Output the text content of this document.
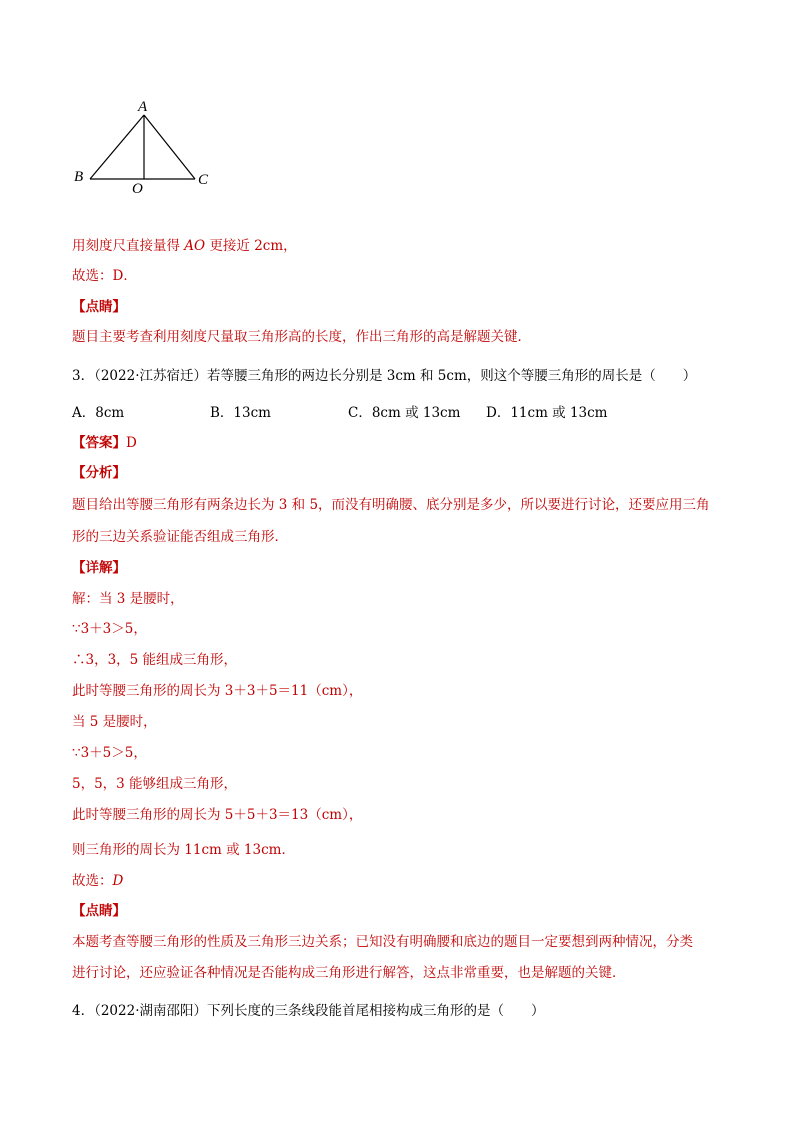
A
B	C
O
用刻度尺直接量得 AO 更接近 2cm，
故选：D．
【点睛】
题目主要考查利用刻度尺量取三角形高的长度，作出三角形的高是解题关键．
3．（2022·江苏宿迁）若等腰三角形的两边长分别是 3cm 和 5cm，则这个等腰三角形的周长是（　　）
A．8cm	B．13cm	C．8cm 或 13cm D．11cm 或 13cm
【答案】D
【分析】
题目给出等腰三角形有两条边长为 3 和 5，而没有明确腰、底分别是多少，所以要进行讨论，还要应用三角
形的三边关系验证能否组成三角形．
【详解】
解：当 3 是腰时，
∵3＋3＞5，
∴3，3，5 能组成三角形，
此时等腰三角形的周长为 3＋3＋5＝11（cm），
当 5 是腰时，
∵3＋5＞5，
5，5，3 能够组成三角形，
此时等腰三角形的周长为 5＋5＋3＝13（cm），
则三角形的周长为 11cm 或 13cm．
故选：D
【点睛】
本题考查等腰三角形的性质及三角形三边关系；已知没有明确腰和底边的题目一定要想到两种情况，分类
进行讨论，还应验证各种情况是否能构成三角形进行解答，这点非常重要，也是解题的关键．
4．（2022·湖南邵阳）下列长度的三条线段能首尾相接构成三角形的是（　　）
